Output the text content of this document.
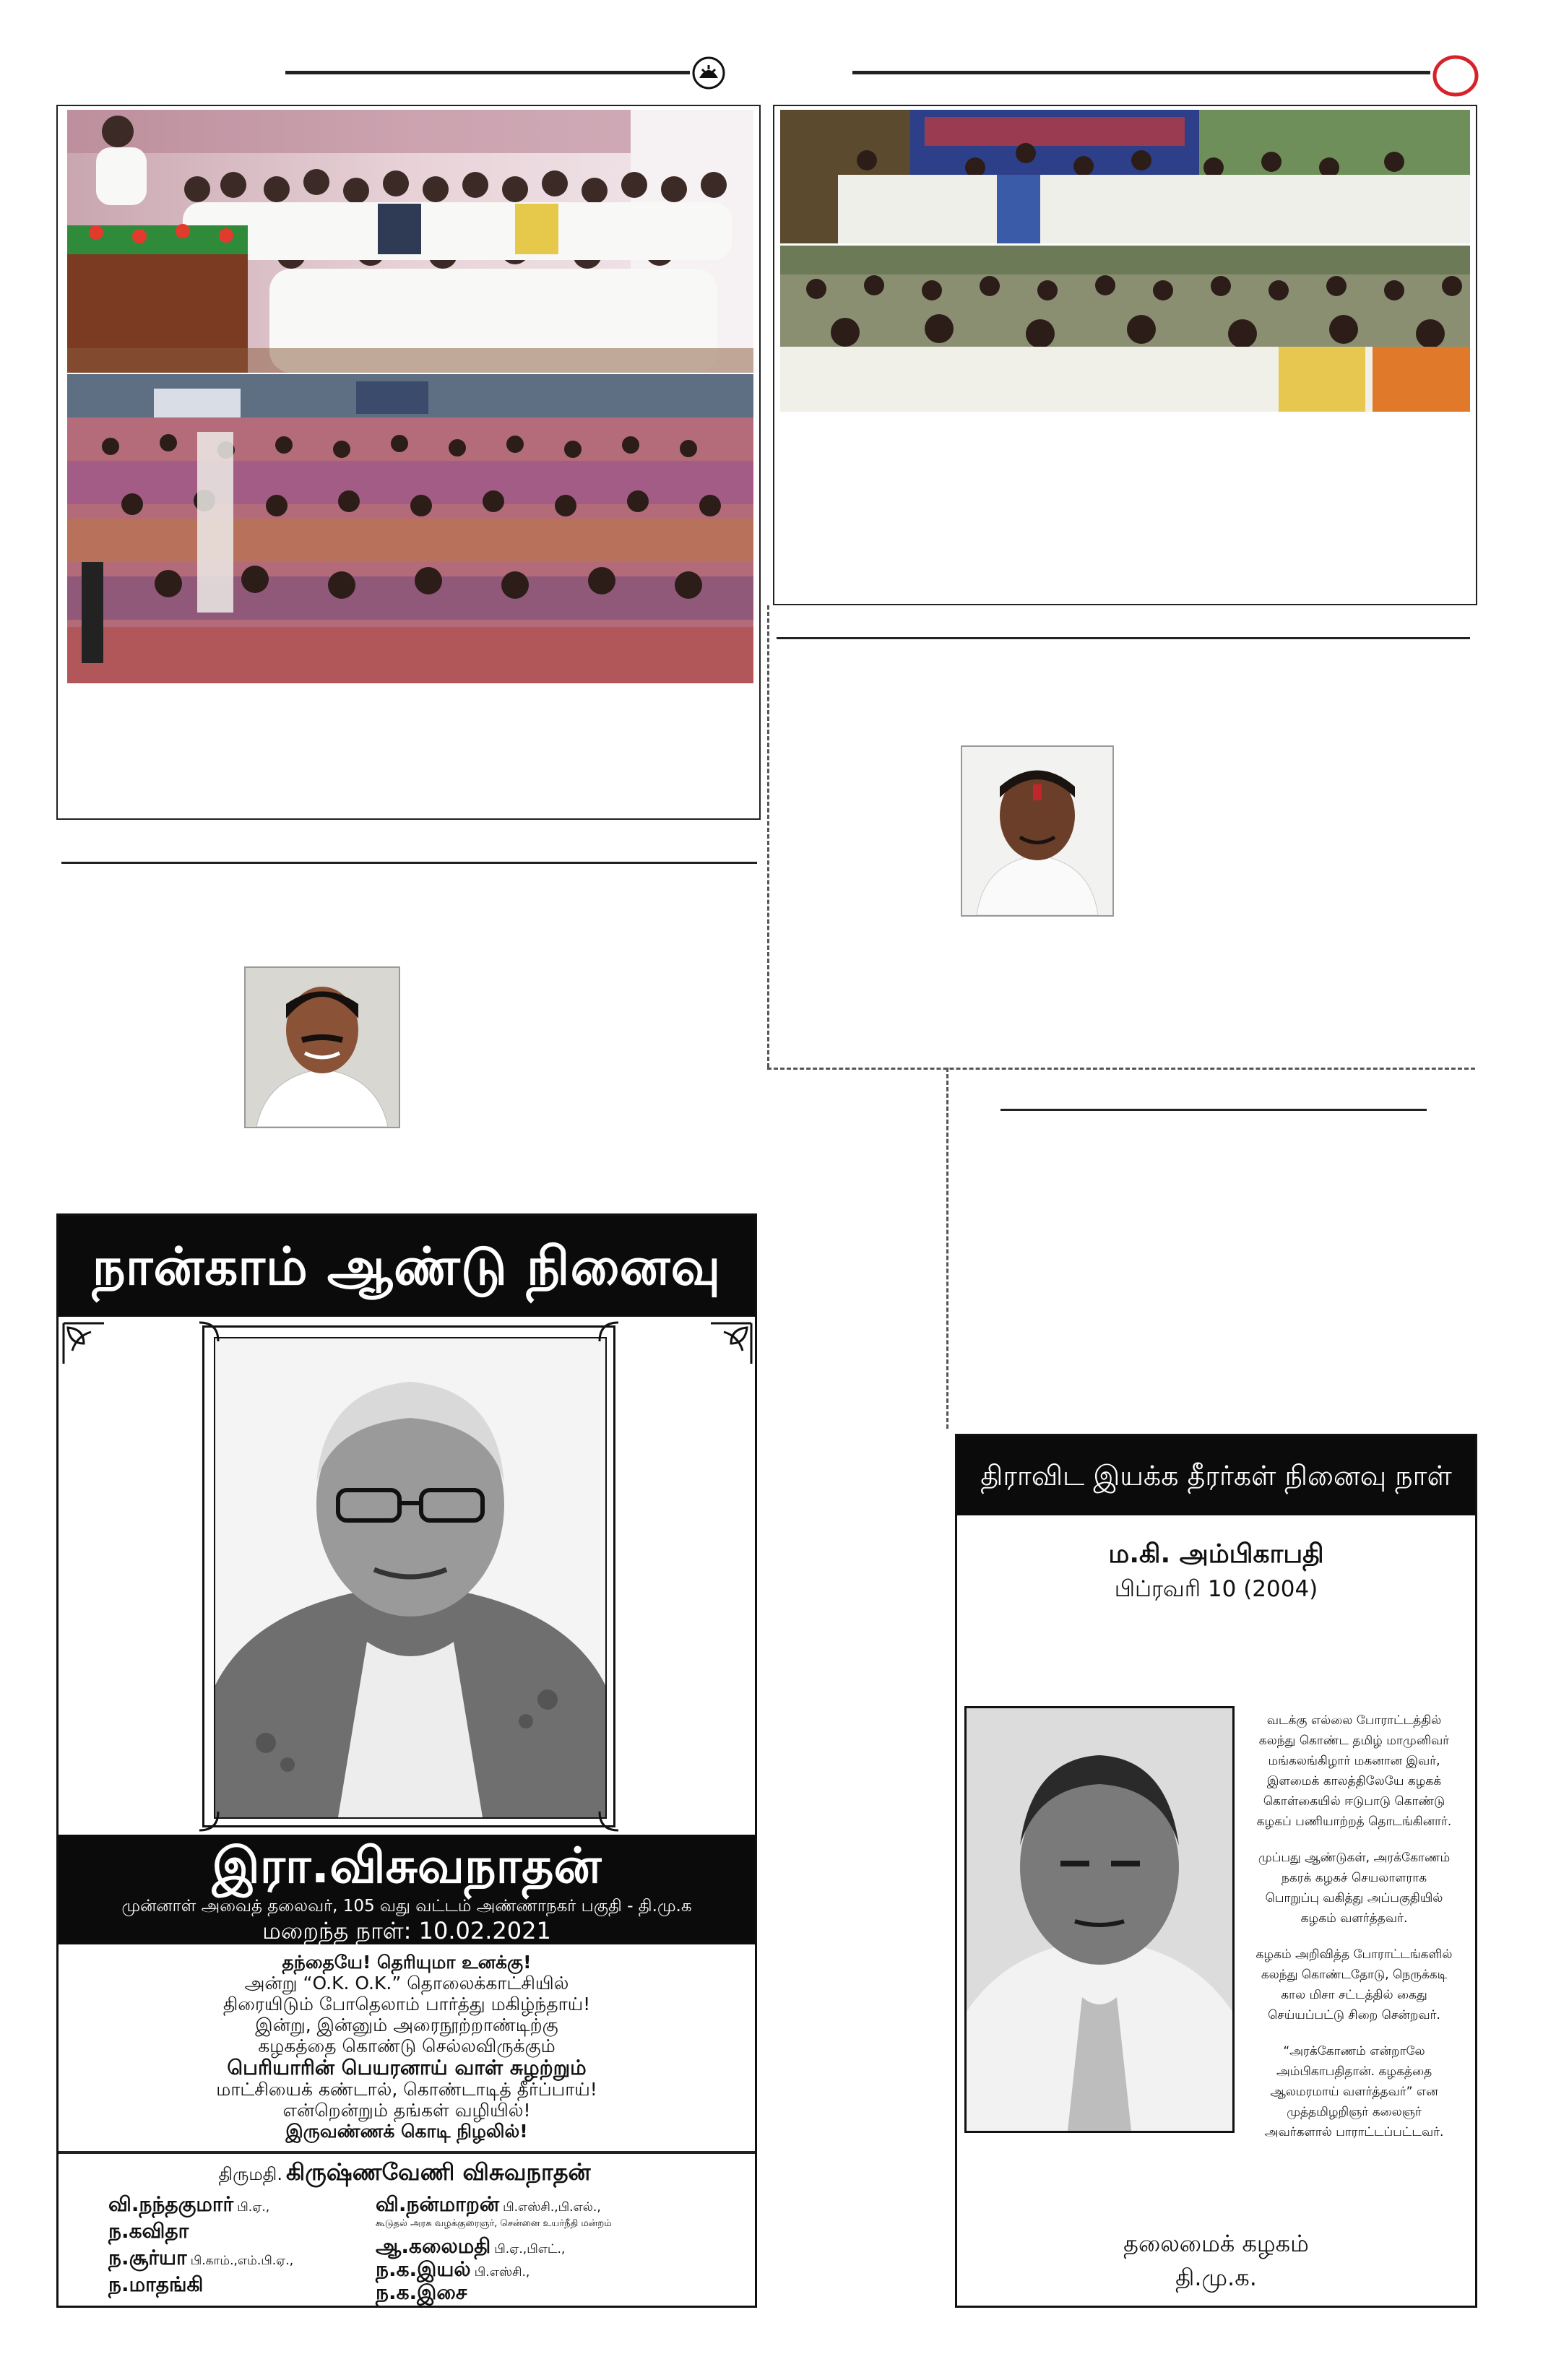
நான்காம் ஆண்டு நினைவு
இரா.விசுவநாதன்
முன்னாள் அவைத் தலைவர், 105 வது வட்டம் அண்ணாநகர் பகுதி - தி.மு.க
மறைந்த நாள்: 10.02.2021
தந்தையே! தெரியுமா உனக்கு!
அன்று “O.K. O.K.” தொலைக்காட்சியில்
திரையிடும் போதெலாம் பார்த்து மகிழ்ந்தாய்!
இன்று, இன்னும் அரைநூற்றாண்டிற்கு
கழகத்தை கொண்டு செல்லவிருக்கும்
பெரியாரின் பெயரனாய் வாள் சுழற்றும்
மாட்சியைக் கண்டால், கொண்டாடித் தீர்ப்பாய்!
என்றென்றும் தங்கள் வழியில்!
இருவண்ணக் கொடி நிழலில்!
திருமதி. கிருஷ்ணவேணி விசுவநாதன்
வி.நந்தகுமார் பி.ஏ.,
ந.கவிதா
ந.சூர்யா பி.காம்.,எம்.பி.ஏ.,
ந.மாதங்கி
வி.நன்மாறன் பி.எஸ்சி.,பி.எல்.,
கூடுதல் அரசு வழக்குரைஞர், சென்னை உயர்நீதி மன்றம்
ஆ.கலைமதி பி.ஏ.,பிஎட்.,
ந.க.இயல் பி.எஸ்சி.,
ந.க.இசை
திராவிட இயக்க தீரர்கள் நினைவு நாள்
ம.கி. அம்பிகாபதி
பிப்ரவரி 10 (2004)

வடக்கு எல்லை போராட்டத்தில்
கலந்து கொண்ட தமிழ் மாமுனிவர்
மங்கலங்கிழார் மகனான இவர்,
இளமைக் காலத்திலேயே கழகக்
கொள்கையில் ஈடுபாடு கொண்டு
கழகப் பணியாற்றத் தொடங்கினார்.

முப்பது ஆண்டுகள், அரக்கோணம்
நகரக் கழகச் செயலாளராக
பொறுப்பு வகித்து அப்பகுதியில்
கழகம் வளர்த்தவர்.

கழகம் அறிவித்த போராட்டங்களில்
கலந்து கொண்டதோடு, நெருக்கடி
கால மிசா சட்டத்தில் கைது
செய்யப்பட்டு சிறை சென்றவர்.

“அரக்கோணம் என்றாலே
அம்பிகாபதிதான். கழகத்தை
ஆலமரமாய் வளர்த்தவர்” என
முத்தமிழறிஞர் கலைஞர்
அவர்களால் பாராட்டப்பட்டவர்.

தலைமைக் கழகம்
தி.மு.க.
